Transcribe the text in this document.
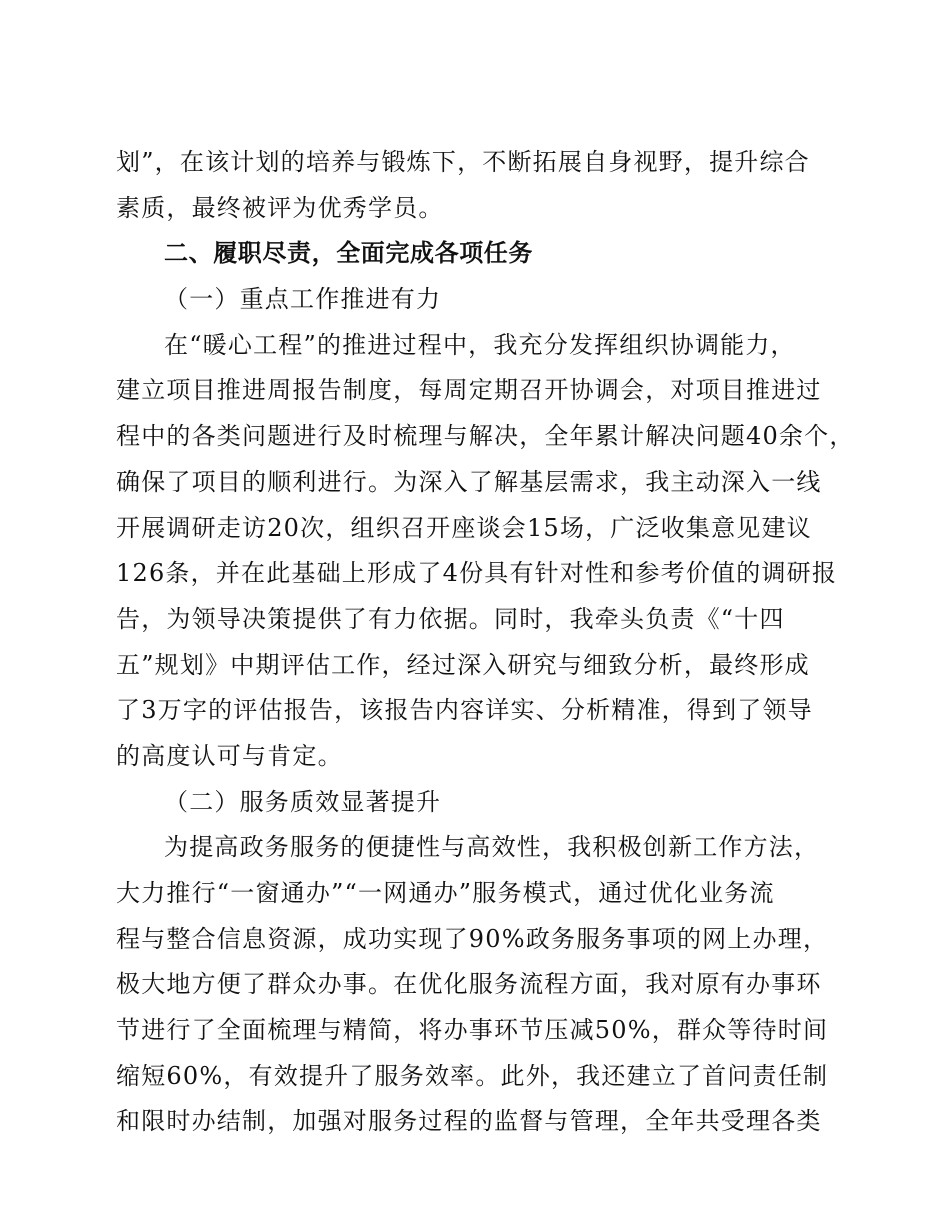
划”，在该计划的培养与锻炼下，不断拓展自身视野，提升综合
素质，最终被评为优秀学员。
二、履职尽责，全面完成各项任务
（一）重点工作推进有力
在“暖心工程”的推进过程中，我充分发挥组织协调能力，
建立项目推进周报告制度，每周定期召开协调会，对项目推进过
程中的各类问题进行及时梳理与解决，全年累计解决问题40余个，
确保了项目的顺利进行。为深入了解基层需求，我主动深入一线
开展调研走访20次，组织召开座谈会15场，广泛收集意见建议
126条，并在此基础上形成了4份具有针对性和参考价值的调研报
告，为领导决策提供了有力依据。同时，我牵头负责《“十四
五”规划》中期评估工作，经过深入研究与细致分析，最终形成
了3万字的评估报告，该报告内容详实、分析精准，得到了领导
的高度认可与肯定。
（二）服务质效显著提升
为提高政务服务的便捷性与高效性，我积极创新工作方法，
大力推行“一窗通办”“一网通办”服务模式，通过优化业务流
程与整合信息资源，成功实现了90%政务服务事项的网上办理，
极大地方便了群众办事。在优化服务流程方面，我对原有办事环
节进行了全面梳理与精简，将办事环节压减50%，群众等待时间
缩短60%，有效提升了服务效率。此外，我还建立了首问责任制
和限时办结制，加强对服务过程的监督与管理，全年共受理各类
